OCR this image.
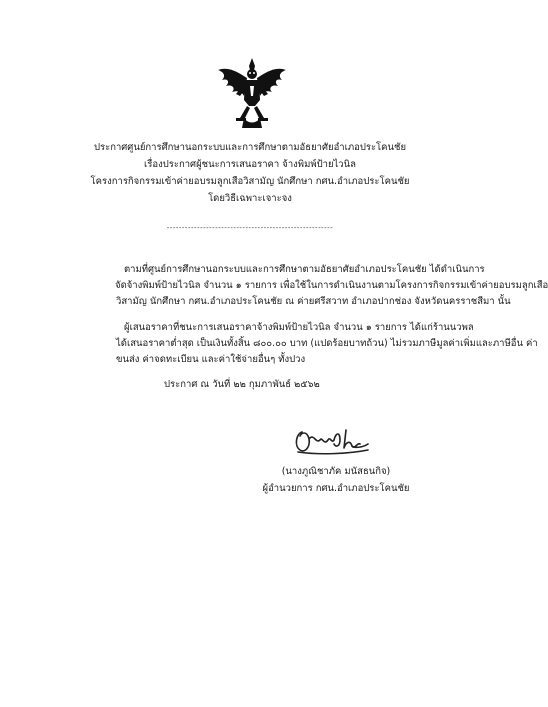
ประกาศศูนย์การศึกษานอกระบบและการศึกษาตามอัธยาศัยอำเภอประโคนชัย
เรื่องประกาศผู้ชนะการเสนอราคา จ้างพิมพ์ป้ายไวนิล
โครงการกิจกรรมเข้าค่ายอบรมลูกเสือวิสามัญ นักศึกษา กศน.อำเภอประโคนชัย
โดยวิธีเฉพาะเจาะจง
-------------------------------------------------------
ตามที่ศูนย์การศึกษานอกระบบและการศึกษาตามอัธยาศัยอำเภอประโคนชัย ได้ดำเนินการ
จัดจ้างพิมพ์ป้ายไวนิล จำนวน ๑ รายการ เพื่อใช้ในการดำเนินงานตามโครงการกิจกรรมเข้าค่ายอบรมลูกเสือ
วิสามัญ นักศึกษา กศน.อำเภอประโคนชัย ณ ค่ายศรีสวาท อำเภอปากช่อง จังหวัดนครราชสีมา นั้น
ผู้เสนอราคาที่ชนะการเสนอราคาจ้างพิมพ์ป้ายไวนิล จำนวน ๑ รายการ ได้แก่ร้านนวพล
ได้เสนอราคาต่ำสุด เป็นเงินทั้งสิ้น ๘๐๐.๐๐ บาท (แปดร้อยบาทถ้วน) ไม่รวมภาษีมูลค่าเพิ่มและภาษีอื่น ค่า
ขนส่ง ค่าจดทะเบียน และค่าใช้จ่ายอื่นๆ ทั้งปวง
ประกาศ ณ วันที่ ๒๒ กุมภาพันธ์ ๒๕๖๒
(นางภูณิชาภัค มนัสธนกิจ)
ผู้อำนวยการ กศน.อำเภอประโคนชัย
